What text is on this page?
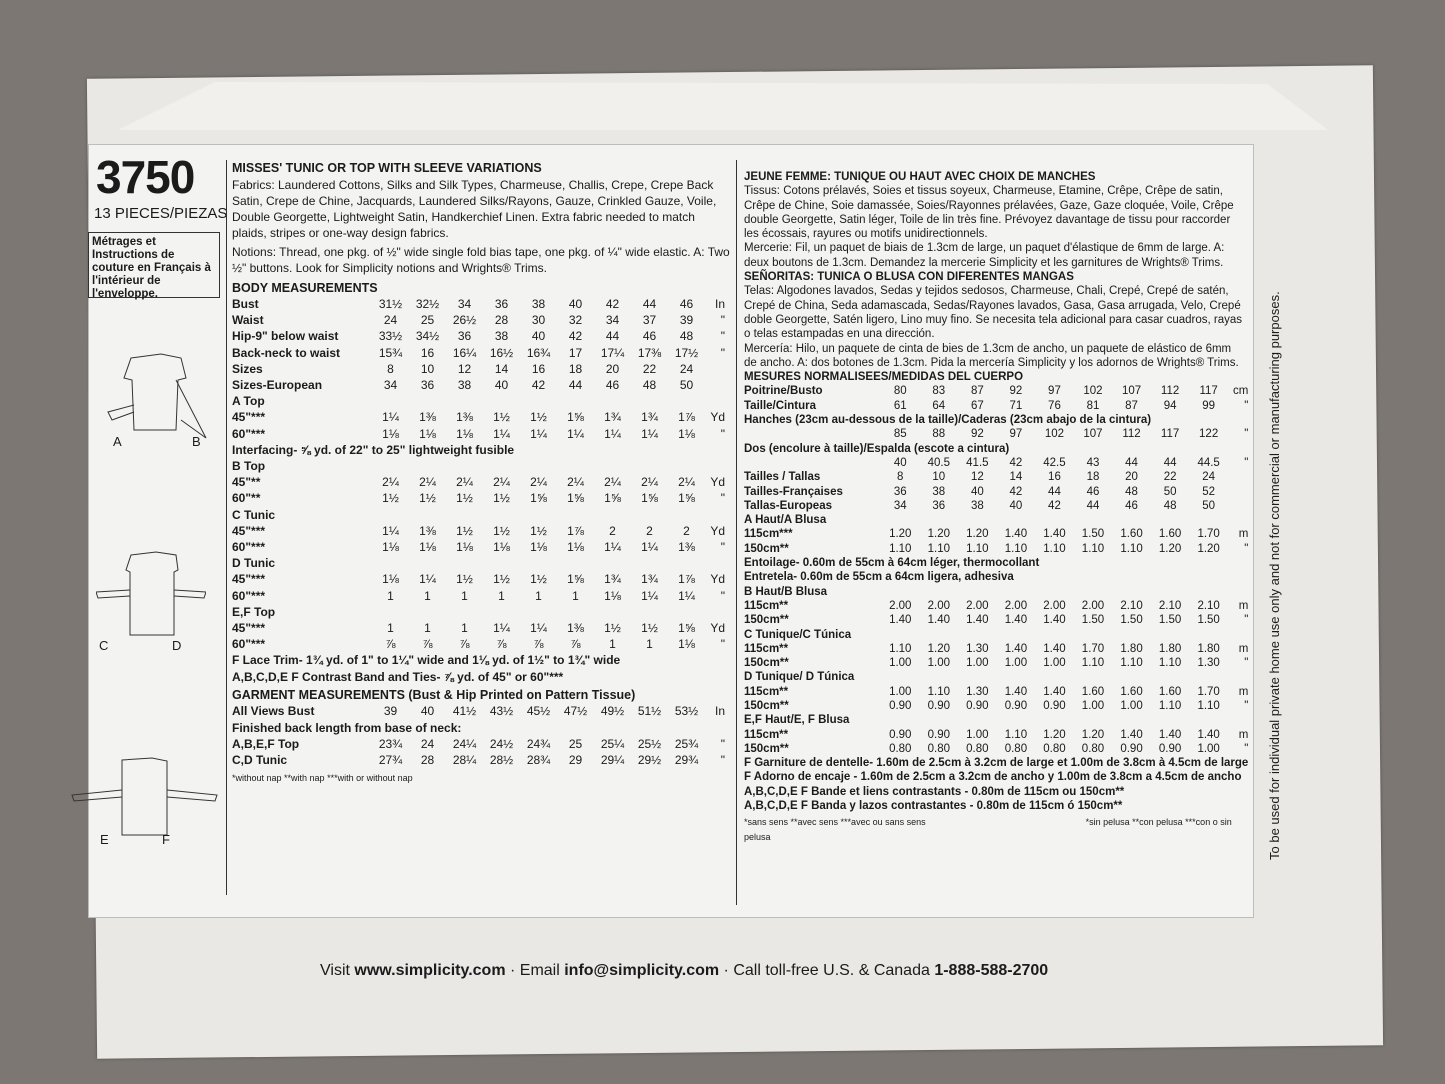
3750
13 PIECES/PIEZAS
Métrages et Instructions de couture en Français à l'intérieur de l'enveloppe.
A	B
C	D
E	F
MISSES' TUNIC OR TOP WITH SLEEVE VARIATIONS
Fabrics: Laundered Cottons, Silks and Silk Types, Charmeuse, Challis, Crepe, Crepe Back Satin, Crepe de Chine, Jacquards, Laundered Silks/Rayons, Gauze, Crinkled Gauze, Voile, Double Georgette, Lightweight Satin, Handkerchief Linen. Extra fabric needed to match plaids, stripes or one-way design fabrics.
Notions: Thread, one pkg. of ½" wide single fold bias tape, one pkg. of ¼" wide elastic. A: Two ½" buttons. Look for Simplicity notions and Wrights® Trims.
BODY MEASUREMENTS
Bust	31½	32½	34	36	38	40	42	44	46	In
Waist	24	25	26½	28	30	32	34	37	39	"
Hip-9" below waist	33½	34½	36	38	40	42	44	46	48	"
Back-neck to waist	15¾	16	16¼	16½	16¾	17	17¼	17⅜	17½	"
Sizes	8	10	12	14	16	18	20	22	24	
Sizes-European	34	36	38	40	42	44	46	48	50	
A Top										
45"***	1¼	1⅜	1⅜	1½	1½	1⅝	1¾	1¾	1⅞	Yd
60"***	1⅛	1⅛	1⅛	1¼	1¼	1¼	1¼	1¼	1⅛	"
Interfacing- ⅝ yd. of 22" to 25" lightweight fusible										
B Top										
45"**	2¼	2¼	2¼	2¼	2¼	2¼	2¼	2¼	2¼	Yd
60"**	1½	1½	1½	1½	1⅝	1⅝	1⅝	1⅝	1⅝	"
C Tunic										
45"***	1¼	1⅜	1½	1½	1½	1⅞	2	2	2	Yd
60"***	1⅛	1⅛	1⅛	1⅛	1⅛	1⅛	1¼	1¼	1⅜	"
D Tunic										
45"***	1⅛	1¼	1½	1½	1½	1⅝	1¾	1¾	1⅞	Yd
60"***	1	1	1	1	1	1	1⅛	1¼	1¼	"
E,F Top										
45"***	1	1	1	1¼	1¼	1⅜	1½	1½	1⅝	Yd
60"***	⅞	⅞	⅞	⅞	⅞	⅞	1	1	1⅛	"
F Lace Trim- 1¾ yd. of 1" to 1¼" wide and 1⅛ yd. of 1½" to 1¾" wide										
A,B,C,D,E F Contrast Band and Ties- ⅞ yd. of 45" or 60"***										
GARMENT MEASUREMENTS (Bust & Hip Printed on Pattern Tissue)
All Views Bust	39	40	41½	43½	45½	47½	49½	51½	53½	In
Finished back length from base of neck:										
A,B,E,F Top	23¾	24	24¼	24½	24¾	25	25¼	25½	25¾	"
C,D Tunic	27¾	28	28¼	28½	28¾	29	29¼	29½	29¾	"
*without nap **with nap ***with or without nap
JEUNE FEMME: TUNIQUE OU HAUT AVEC CHOIX DE MANCHES
Tissus: Cotons prélavés, Soies et tissus soyeux, Charmeuse, Etamine, Crêpe, Crêpe de satin, Crêpe de Chine, Soie damassée, Soies/Rayonnes prélavées, Gaze, Gaze cloquée, Voile, Crêpe double Georgette, Satin léger, Toile de lin très fine. Prévoyez davantage de tissu pour raccorder les écossais, rayures ou motifs unidirectionnels.
Mercerie: Fil, un paquet de biais de 1.3cm de large, un paquet d'élastique de 6mm de large. A: deux boutons de 1.3cm. Demandez la mercerie Simplicity et les garnitures de Wrights® Trims.
SEÑORITAS: TUNICA O BLUSA CON DIFERENTES MANGAS
Telas: Algodones lavados, Sedas y tejidos sedosos, Charmeuse, Chali, Crepé, Crepé de satén, Crepé de China, Seda adamascada, Sedas/Rayones lavados, Gasa, Gasa arrugada, Velo, Crepé doble Georgette, Satén ligero, Lino muy fino. Se necesita tela adicional para casar cuadros, rayas o telas estampadas en una dirección.
Mercería: Hilo, un paquete de cinta de bies de 1.3cm de ancho, un paquete de elástico de 6mm de ancho. A: dos botones de 1.3cm. Pida la mercería Simplicity y los adornos de Wrights® Trims.
MESURES NORMALISEES/MEDIDAS DEL CUERPO
Poitrine/Busto	80	83	87	92	97	102	107	112	117	cm
Taille/Cintura	61	64	67	71	76	81	87	94	99	"
Hanches (23cm au-dessous de la taille)/Caderas (23cm abajo de la cintura)										
	85	88	92	97	102	107	112	117	122	"
Dos (encolure à taille)/Espalda (escote a cintura)										
	40	40.5	41.5	42	42.5	43	44	44	44.5	"
Tailles / Tallas	8	10	12	14	16	18	20	22	24	
Tailles-Françaises	36	38	40	42	44	46	48	50	52	
Tallas-Europeas	34	36	38	40	42	44	46	48	50	
A Haut/A Blusa										
115cm***	1.20	1.20	1.20	1.40	1.40	1.50	1.60	1.60	1.70	m
150cm**	1.10	1.10	1.10	1.10	1.10	1.10	1.10	1.20	1.20	"
Entoilage- 0.60m de 55cm à 64cm léger, thermocollant										
Entretela- 0.60m de 55cm a 64cm ligera, adhesiva										
B Haut/B Blusa										
115cm**	2.00	2.00	2.00	2.00	2.00	2.00	2.10	2.10	2.10	m
150cm**	1.40	1.40	1.40	1.40	1.40	1.50	1.50	1.50	1.50	"
C Tunique/C Túnica										
115cm**	1.10	1.20	1.30	1.40	1.40	1.70	1.80	1.80	1.80	m
150cm**	1.00	1.00	1.00	1.00	1.00	1.10	1.10	1.10	1.30	"
D Tunique/ D Túnica										
115cm**	1.00	1.10	1.30	1.40	1.40	1.60	1.60	1.60	1.70	m
150cm**	0.90	0.90	0.90	0.90	0.90	1.00	1.00	1.10	1.10	"
E,F Haut/E, F Blusa										
115cm**	0.90	0.90	1.00	1.10	1.20	1.20	1.40	1.40	1.40	m
150cm**	0.80	0.80	0.80	0.80	0.80	0.80	0.90	0.90	1.00	"
F Garniture de dentelle- 1.60m de 2.5cm à 3.2cm de large et 1.00m de 3.8cm à 4.5cm de large										
F Adorno de encaje - 1.60m de 2.5cm a 3.2cm de ancho y 1.00m de 3.8cm a 4.5cm de ancho										
A,B,C,D,E F Bande et liens contrastants - 0.80m de 115cm ou 150cm**										
A,B,C,D,E F Banda y lazos contrastantes - 0.80m de 115cm ó 150cm**										
*sans sens **avec sens ***avec ou sans sens	*sin pelusa **con pelusa ***con o sin pelusa	To be used for individual private home use only and not for commercial or manufacturing purposes.
Visit www.simplicity.com · Email info@simplicity.com · Call toll-free U.S. & Canada 1-888-588-2700
